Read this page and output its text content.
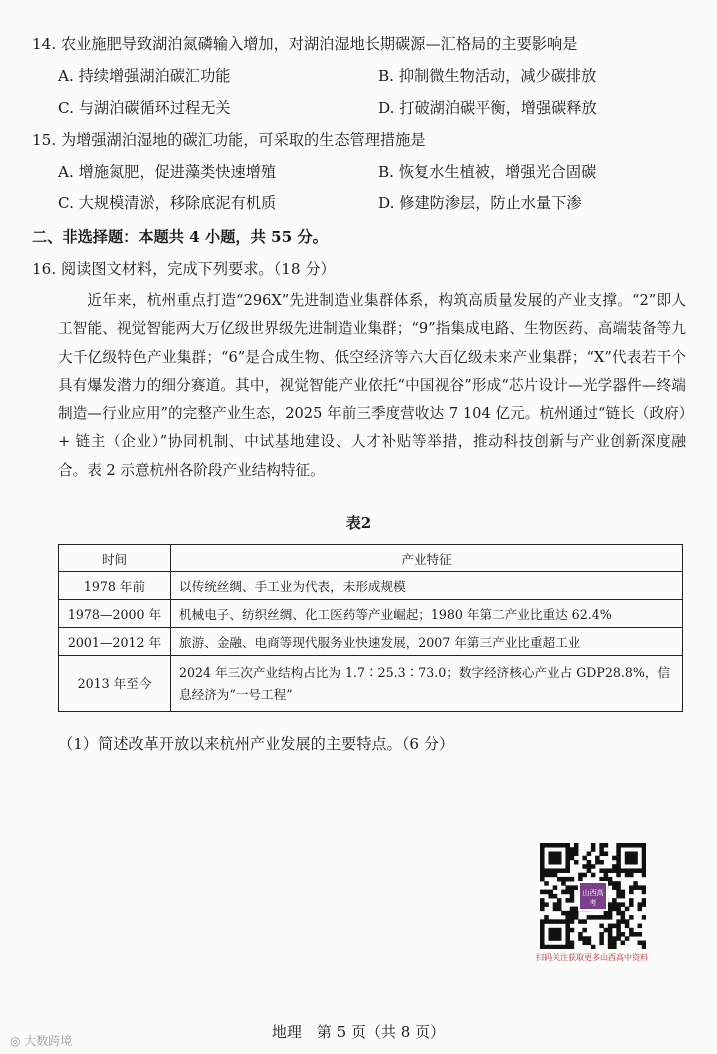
14. 农业施肥导致湖泊氮磷输入增加，对湖泊湿地长期碳源—汇格局的主要影响是
A. 持续增强湖泊碳汇功能	B. 抑制微生物活动，减少碳排放
C. 与湖泊碳循环过程无关	D. 打破湖泊碳平衡，增强碳释放
15. 为增强湖泊湿地的碳汇功能，可采取的生态管理措施是
A. 增施氮肥，促进藻类快速增殖	B. 恢复水生植被，增强光合固碳
C. 大规模清淤，移除底泥有机质	D. 修建防渗层，防止水量下渗
二、非选择题：本题共 4 小题，共 55 分。
16. 阅读图文材料，完成下列要求。（18 分）

近年来，杭州重点打造“296X”先进制造业集群体系，构筑高质量发展的产业支撑。“2”即人工智能、视觉智能两大万亿级世界级先进制造业集群；“9”指集成电路、生物医药、高端装备等九大千亿级特色产业集群；“6”是合成生物、低空经济等六大百亿级未来产业集群；“X”代表若干个具有爆发潜力的细分赛道。其中，视觉智能产业依托“中国视谷”形成“芯片设计—光学器件—终端制造—行业应用”的完整产业生态，2025 年前三季度营收达 7 104 亿元。杭州通过“链长（政府）+ 链主（企业）”协同机制、中试基地建设、人才补贴等举措，推动科技创新与产业创新深度融合。表 2 示意杭州各阶段产业结构特征。

表2
时间	产业特征
1978 年前	以传统丝绸、手工业为代表，未形成规模
1978—2000 年	机械电子、纺织丝绸、化工医药等产业崛起；1980 年第二产业比重达 62.4%
2001—2012 年	旅游、金融、电商等现代服务业快速发展，2007 年第三产业比重超工业
2013 年至今	2024 年三次产业结构占比为 1.7∶25.3∶73.0；数字经济核心产业占 GDP28.8%，信息经济为“一号工程”
（1）简述改革开放以来杭州产业发展的主要特点。（6 分）
山西高考
扫码关注获取更多山西高中资料
地理　第 5 页（共 8 页）
◎ 大数跨境
